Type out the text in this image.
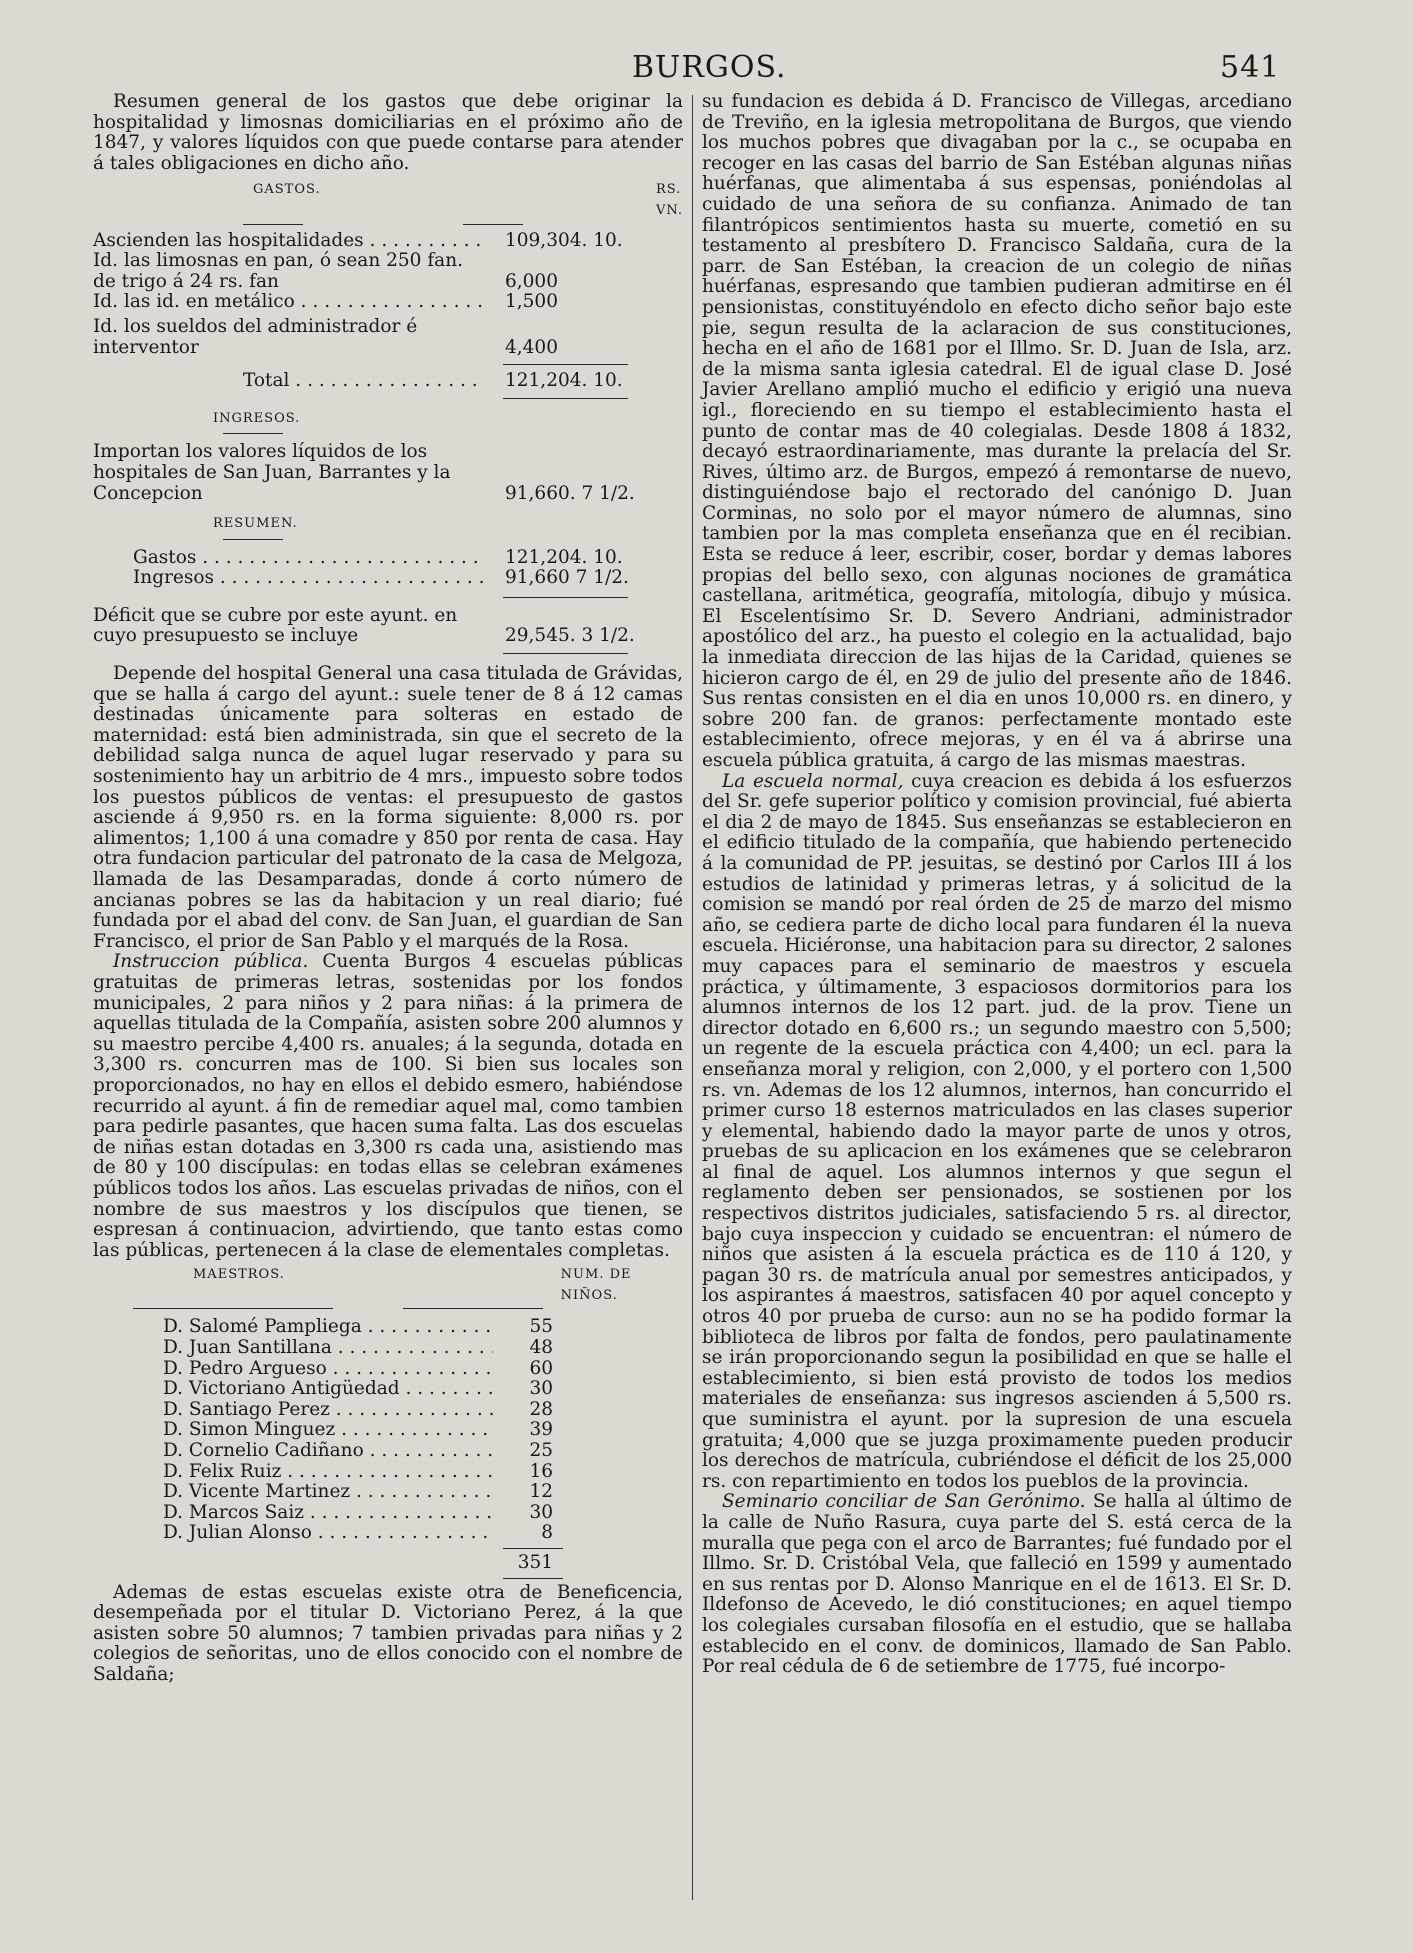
BURGOS.	541

Resumen general de los gastos que debe originar la hospitalidad y limosnas domiciliarias en el próximo año de 1847, y valores líquidos con que puede contarse para atender á tales obligaciones en dicho año.

GASTOS.	RS. VN.
Ascienden las hospitalidades . . .	109,304. 10.
Id. las limosnas en pan, ó sean 250 fan. de trigo á 24 rs. fan	6,000
Id. las id. en metálico . . .	1,500
Id. los sueldos del administrador é interventor	4,400
Total . . .	121,204. 10.
INGRESOS.
Importan los valores líquidos de los hospitales de San Juan, Barrantes y la Concepcion	91,660. 7 1/2.
RESUMEN.
Gastos . . .	121,204. 10.
Ingresos . . .	91,660 7 1/2.
Déficit que se cubre por este ayunt. en cuyo presupuesto se incluye	29,545. 3 1/2.

Depende del hospital General una casa titulada de Grávidas, que se halla á cargo del ayunt.: suele tener de 8 á 12 camas destinadas únicamente para solteras en estado de maternidad: está bien administrada, sin que el secreto de la debilidad salga nunca de aquel lugar reservado y para su sostenimiento hay un arbitrio de 4 mrs., impuesto sobre todos los puestos públicos de ventas: el presupuesto de gastos asciende á 9,950 rs. en la forma siguiente: 8,000 rs. por alimentos; 1,100 á una comadre y 850 por renta de casa. Hay otra fundacion particular del patronato de la casa de Melgoza, llamada de las Desamparadas, donde á corto número de ancianas pobres se las da habitacion y un real diario; fué fundada por el abad del conv. de San Juan, el guardian de San Francisco, el prior de San Pablo y el marqués de la Rosa.

Instruccion pública. Cuenta Burgos 4 escuelas públicas gratuitas de primeras letras, sostenidas por los fondos municipales, 2 para niños y 2 para niñas: á la primera de aquellas titulada de la Compañía, asisten sobre 200 alumnos y su maestro percibe 4,400 rs. anuales; á la segunda, dotada en 3,300 rs. concurren mas de 100. Si bien sus locales son proporcionados, no hay en ellos el debido esmero, habiéndose recurrido al ayunt. á fin de remediar aquel mal, como tambien para pedirle pasantes, que hacen suma falta. Las dos escuelas de niñas estan dotadas en 3,300 rs cada una, asistiendo mas de 80 y 100 discípulas: en todas ellas se celebran exámenes públicos todos los años. Las escuelas privadas de niños, con el nombre de sus maestros y los discípulos que tienen, se espresan á continuacion, advirtiendo, que tanto estas como las públicas, pertenecen á la clase de elementales completas.

MAESTROS.	NUM. DE NIÑOS.
D. Salomé Pampliega . . .	55
D. Juan Santillana . . .	48
D. Pedro Argueso . . .	60
D. Victoriano Antigüedad . . .	30
D. Santiago Perez . . .	28
D. Simon Minguez . . .	39
D. Cornelio Cadiñano . . .	25
D. Felix Ruiz . . .	16
D. Vicente Martinez . . .	12
D. Marcos Saiz . . .	30
D. Julian Alonso . . .	8
351

Ademas de estas escuelas existe otra de Beneficencia, desempeñada por el titular D. Victoriano Perez, á la que asisten sobre 50 alumnos; 7 tambien privadas para niñas y 2 colegios de señoritas, uno de ellos conocido con el nombre de Saldaña;

su fundacion es debida á D. Francisco de Villegas, arcediano de Treviño, en la iglesia metropolitana de Burgos, que viendo los muchos pobres que divagaban por la c., se ocupaba en recoger en las casas del barrio de San Estéban algunas niñas huérfanas, que alimentaba á sus espensas, poniéndolas al cuidado de una señora de su confianza. Animado de tan filantrópicos sentimientos hasta su muerte, cometió en su testamento al presbítero D. Francisco Saldaña, cura de la parr. de San Estéban, la creacion de un colegio de niñas huérfanas, espresando que tambien pudieran admitirse en él pensionistas, constituyéndolo en efecto dicho señor bajo este pie, segun resulta de la aclaracion de sus constituciones, hecha en el año de 1681 por el Illmo. Sr. D. Juan de Isla, arz. de la misma santa iglesia catedral. El de igual clase D. José Javier Arellano amplió mucho el edificio y erigió una nueva igl., floreciendo en su tiempo el establecimiento hasta el punto de contar mas de 40 colegialas. Desde 1808 á 1832, decayó estraordinariamente, mas durante la prelacía del Sr. Rives, último arz. de Burgos, empezó á remontarse de nuevo, distinguiéndose bajo el rectorado del canónigo D. Juan Corminas, no solo por el mayor número de alumnas, sino tambien por la mas completa enseñanza que en él recibian. Esta se reduce á leer, escribir, coser, bordar y demas labores propias del bello sexo, con algunas nociones de gramática castellana, aritmética, geografía, mitología, dibujo y música. El Escelentísimo Sr. D. Severo Andriani, administrador apostólico del arz., ha puesto el colegio en la actualidad, bajo la inmediata direccion de las hijas de la Caridad, quienes se hicieron cargo de él, en 29 de julio del presente año de 1846. Sus rentas consisten en el dia en unos 10,000 rs. en dinero, y sobre 200 fan. de granos: perfectamente montado este establecimiento, ofrece mejoras, y en él va á abrirse una escuela pública gratuita, á cargo de las mismas maestras.

La escuela normal, cuya creacion es debida á los esfuerzos del Sr. gefe superior político y comision provincial, fué abierta el dia 2 de mayo de 1845. Sus enseñanzas se establecieron en el edificio titulado de la compañía, que habiendo pertenecido á la comunidad de PP. jesuitas, se destinó por Carlos III á los estudios de latinidad y primeras letras, y á solicitud de la comision se mandó por real órden de 25 de marzo del mismo año, se cediera parte de dicho local para fundaren él la nueva escuela. Hiciéronse, una habitacion para su director, 2 salones muy capaces para el seminario de maestros y escuela práctica, y últimamente, 3 espaciosos dormitorios para los alumnos internos de los 12 part. jud. de la prov. Tiene un director dotado en 6,600 rs.; un segundo maestro con 5,500; un regente de la escuela práctica con 4,400; un ecl. para la enseñanza moral y religion, con 2,000, y el portero con 1,500 rs. vn. Ademas de los 12 alumnos, internos, han concurrido el primer curso 18 esternos matriculados en las clases superior y elemental, habiendo dado la mayor parte de unos y otros, pruebas de su aplicacion en los exámenes que se celebraron al final de aquel. Los alumnos internos y que segun el reglamento deben ser pensionados, se sostienen por los respectivos distritos judiciales, satisfaciendo 5 rs. al director, bajo cuya inspeccion y cuidado se encuentran: el número de niños que asisten á la escuela práctica es de 110 á 120, y pagan 30 rs. de matrícula anual por semestres anticipados, y los aspirantes á maestros, satisfacen 40 por aquel concepto y otros 40 por prueba de curso: aun no se ha podido formar la biblioteca de libros por falta de fondos, pero paulatinamente se irán proporcionando segun la posibilidad en que se halle el establecimiento, si bien está provisto de todos los medios materiales de enseñanza: sus ingresos ascienden á 5,500 rs. que suministra el ayunt. por la supresion de una escuela gratuita; 4,000 que se juzga proximamente pueden producir los derechos de matrícula, cubriéndose el déficit de los 25,000 rs. con repartimiento en todos los pueblos de la provincia.

Seminario conciliar de San Gerónimo. Se halla al último de la calle de Nuño Rasura, cuya parte del S. está cerca de la muralla que pega con el arco de Barrantes; fué fundado por el Illmo. Sr. D. Cristóbal Vela, que falleció en 1599 y aumentado en sus rentas por D. Alonso Manrique en el de 1613. El Sr. D. Ildefonso de Acevedo, le dió constituciones; en aquel tiempo los colegiales cursaban filosofía en el estudio, que se hallaba establecido en el conv. de dominicos, llamado de San Pablo. Por real cédula de 6 de setiembre de 1775, fué incorpo-
